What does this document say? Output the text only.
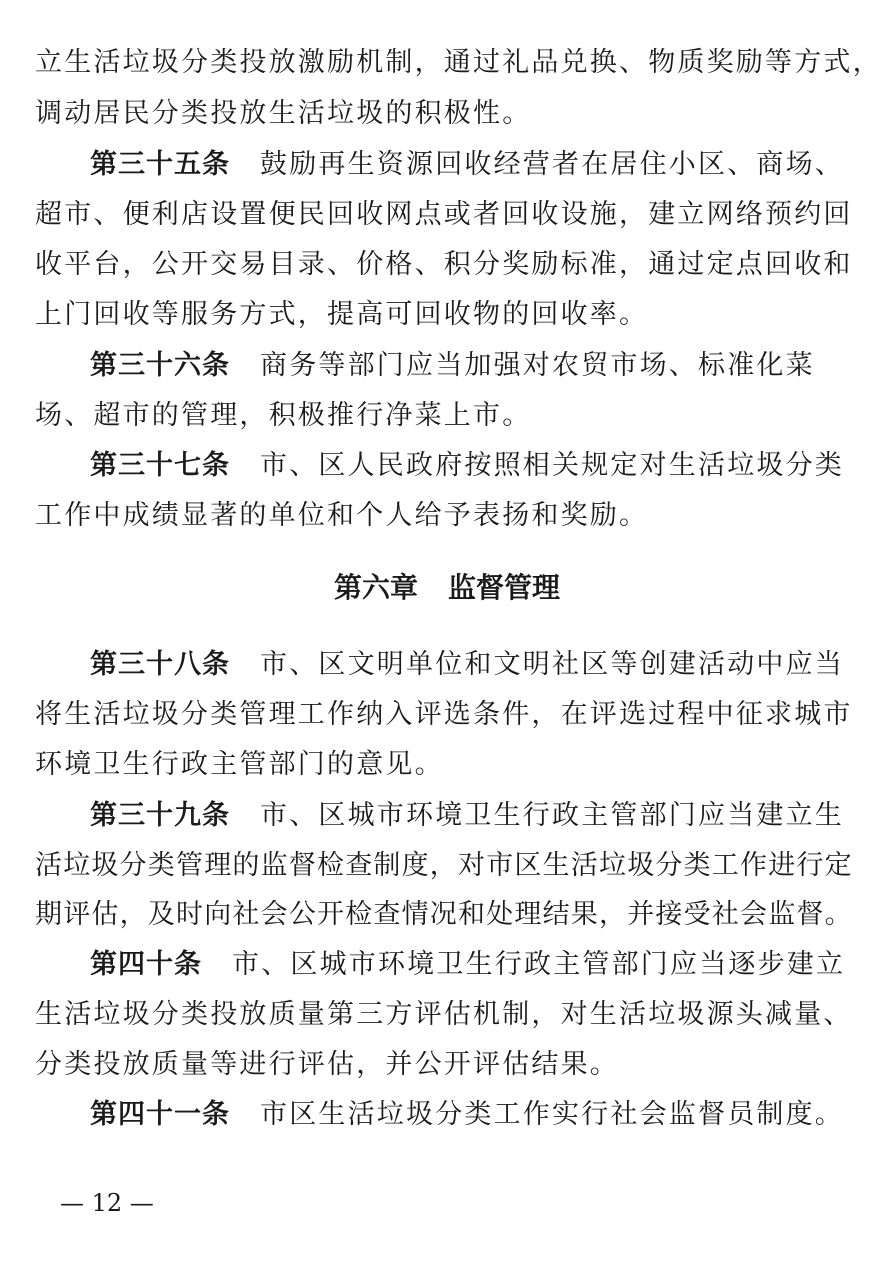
立生活垃圾分类投放激励机制，通过礼品兑换、物质奖励等方式，
调动居民分类投放生活垃圾的积极性。
第三十五条 鼓励再生资源回收经营者在居住小区、商场、
超市、便利店设置便民回收网点或者回收设施，建立网络预约回
收平台，公开交易目录、价格、积分奖励标准，通过定点回收和
上门回收等服务方式，提高可回收物的回收率。
第三十六条 商务等部门应当加强对农贸市场、标准化菜
场、超市的管理，积极推行净菜上市。
第三十七条 市、区人民政府按照相关规定对生活垃圾分类
工作中成绩显著的单位和个人给予表扬和奖励。
第六章 监督管理
第三十八条 市、区文明单位和文明社区等创建活动中应当
将生活垃圾分类管理工作纳入评选条件，在评选过程中征求城市
环境卫生行政主管部门的意见。
第三十九条 市、区城市环境卫生行政主管部门应当建立生
活垃圾分类管理的监督检查制度，对市区生活垃圾分类工作进行定
期评估，及时向社会公开检查情况和处理结果，并接受社会监督。
第四十条 市、区城市环境卫生行政主管部门应当逐步建立
生活垃圾分类投放质量第三方评估机制，对生活垃圾源头减量、
分类投放质量等进行评估，并公开评估结果。
第四十一条 市区生活垃圾分类工作实行社会监督员制度。
— 12 —
